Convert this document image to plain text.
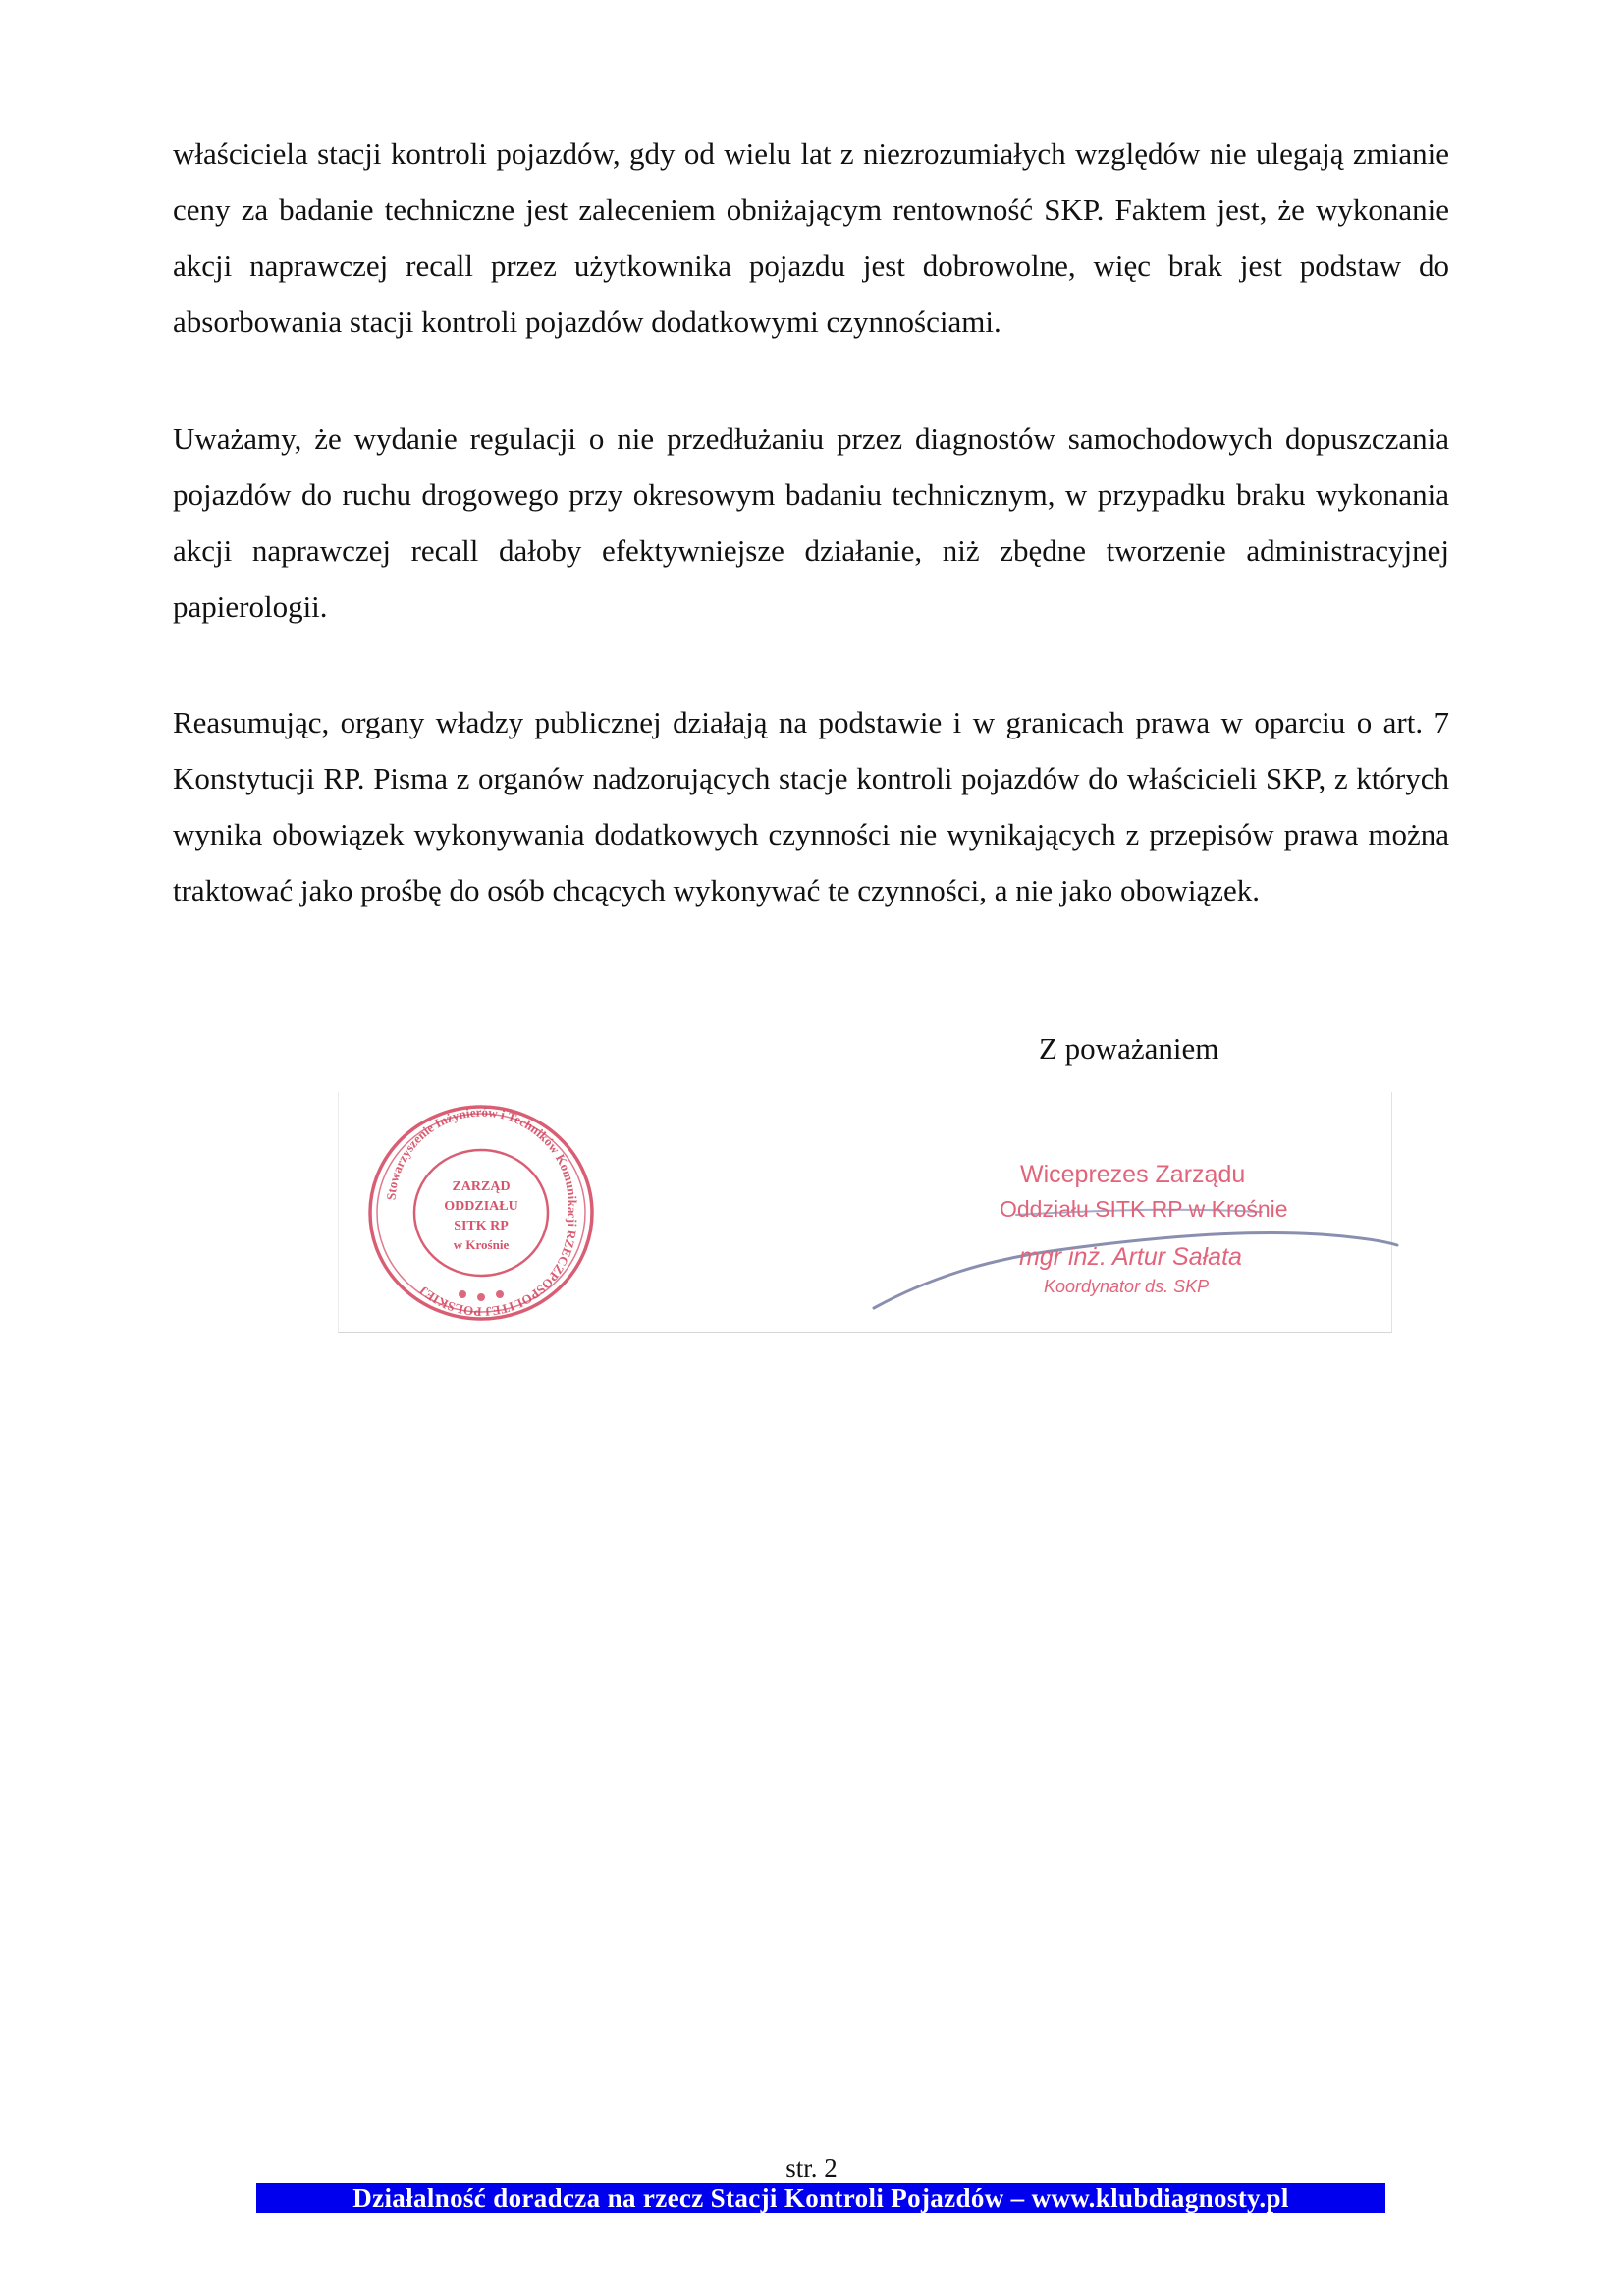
właściciela stacji kontroli pojazdów, gdy od wielu lat z niezrozumiałych względów nie ulegają zmianie ceny za badanie techniczne jest zaleceniem obniżającym rentowność SKP. Faktem jest, że wykonanie akcji naprawczej recall przez użytkownika pojazdu jest dobrowolne, więc brak jest podstaw do absorbowania stacji kontroli pojazdów dodatkowymi czynnościami.

Uważamy, że wydanie regulacji o nie przedłużaniu przez diagnostów samochodowych dopuszczania pojazdów do ruchu drogowego przy okresowym badaniu technicznym, w przypadku braku wykonania akcji naprawczej recall dałoby efektywniejsze działanie, niż zbędne tworzenie administracyjnej papierologii.

Reasumując, organy władzy publicznej działają na podstawie i w granicach prawa w oparciu o art. 7 Konstytucji RP. Pisma z organów nadzorujących stacje kontroli pojazdów do właścicieli SKP, z których wynika obowiązek wykonywania dodatkowych czynności nie wynikających z przepisów prawa można traktować jako prośbę do osób chcących wykonywać te czynności, a nie jako obowiązek.

Z poważaniem
Stowarzyszenie Inżynierów i Techników Komunikacji RZECZPOSPOLITEJ POLSKIEJ
ZARZĄD
ODDZIAŁU
SITK RP
w Krośnie
Wiceprezes Zarządu
Oddziału SITK RP w Krośnie
mgr inż. Artur Sałata
Koordynator ds. SKP
str. 2
Działalność doradcza na rzecz Stacji Kontroli Pojazdów – www.klubdiagnosty.pl
